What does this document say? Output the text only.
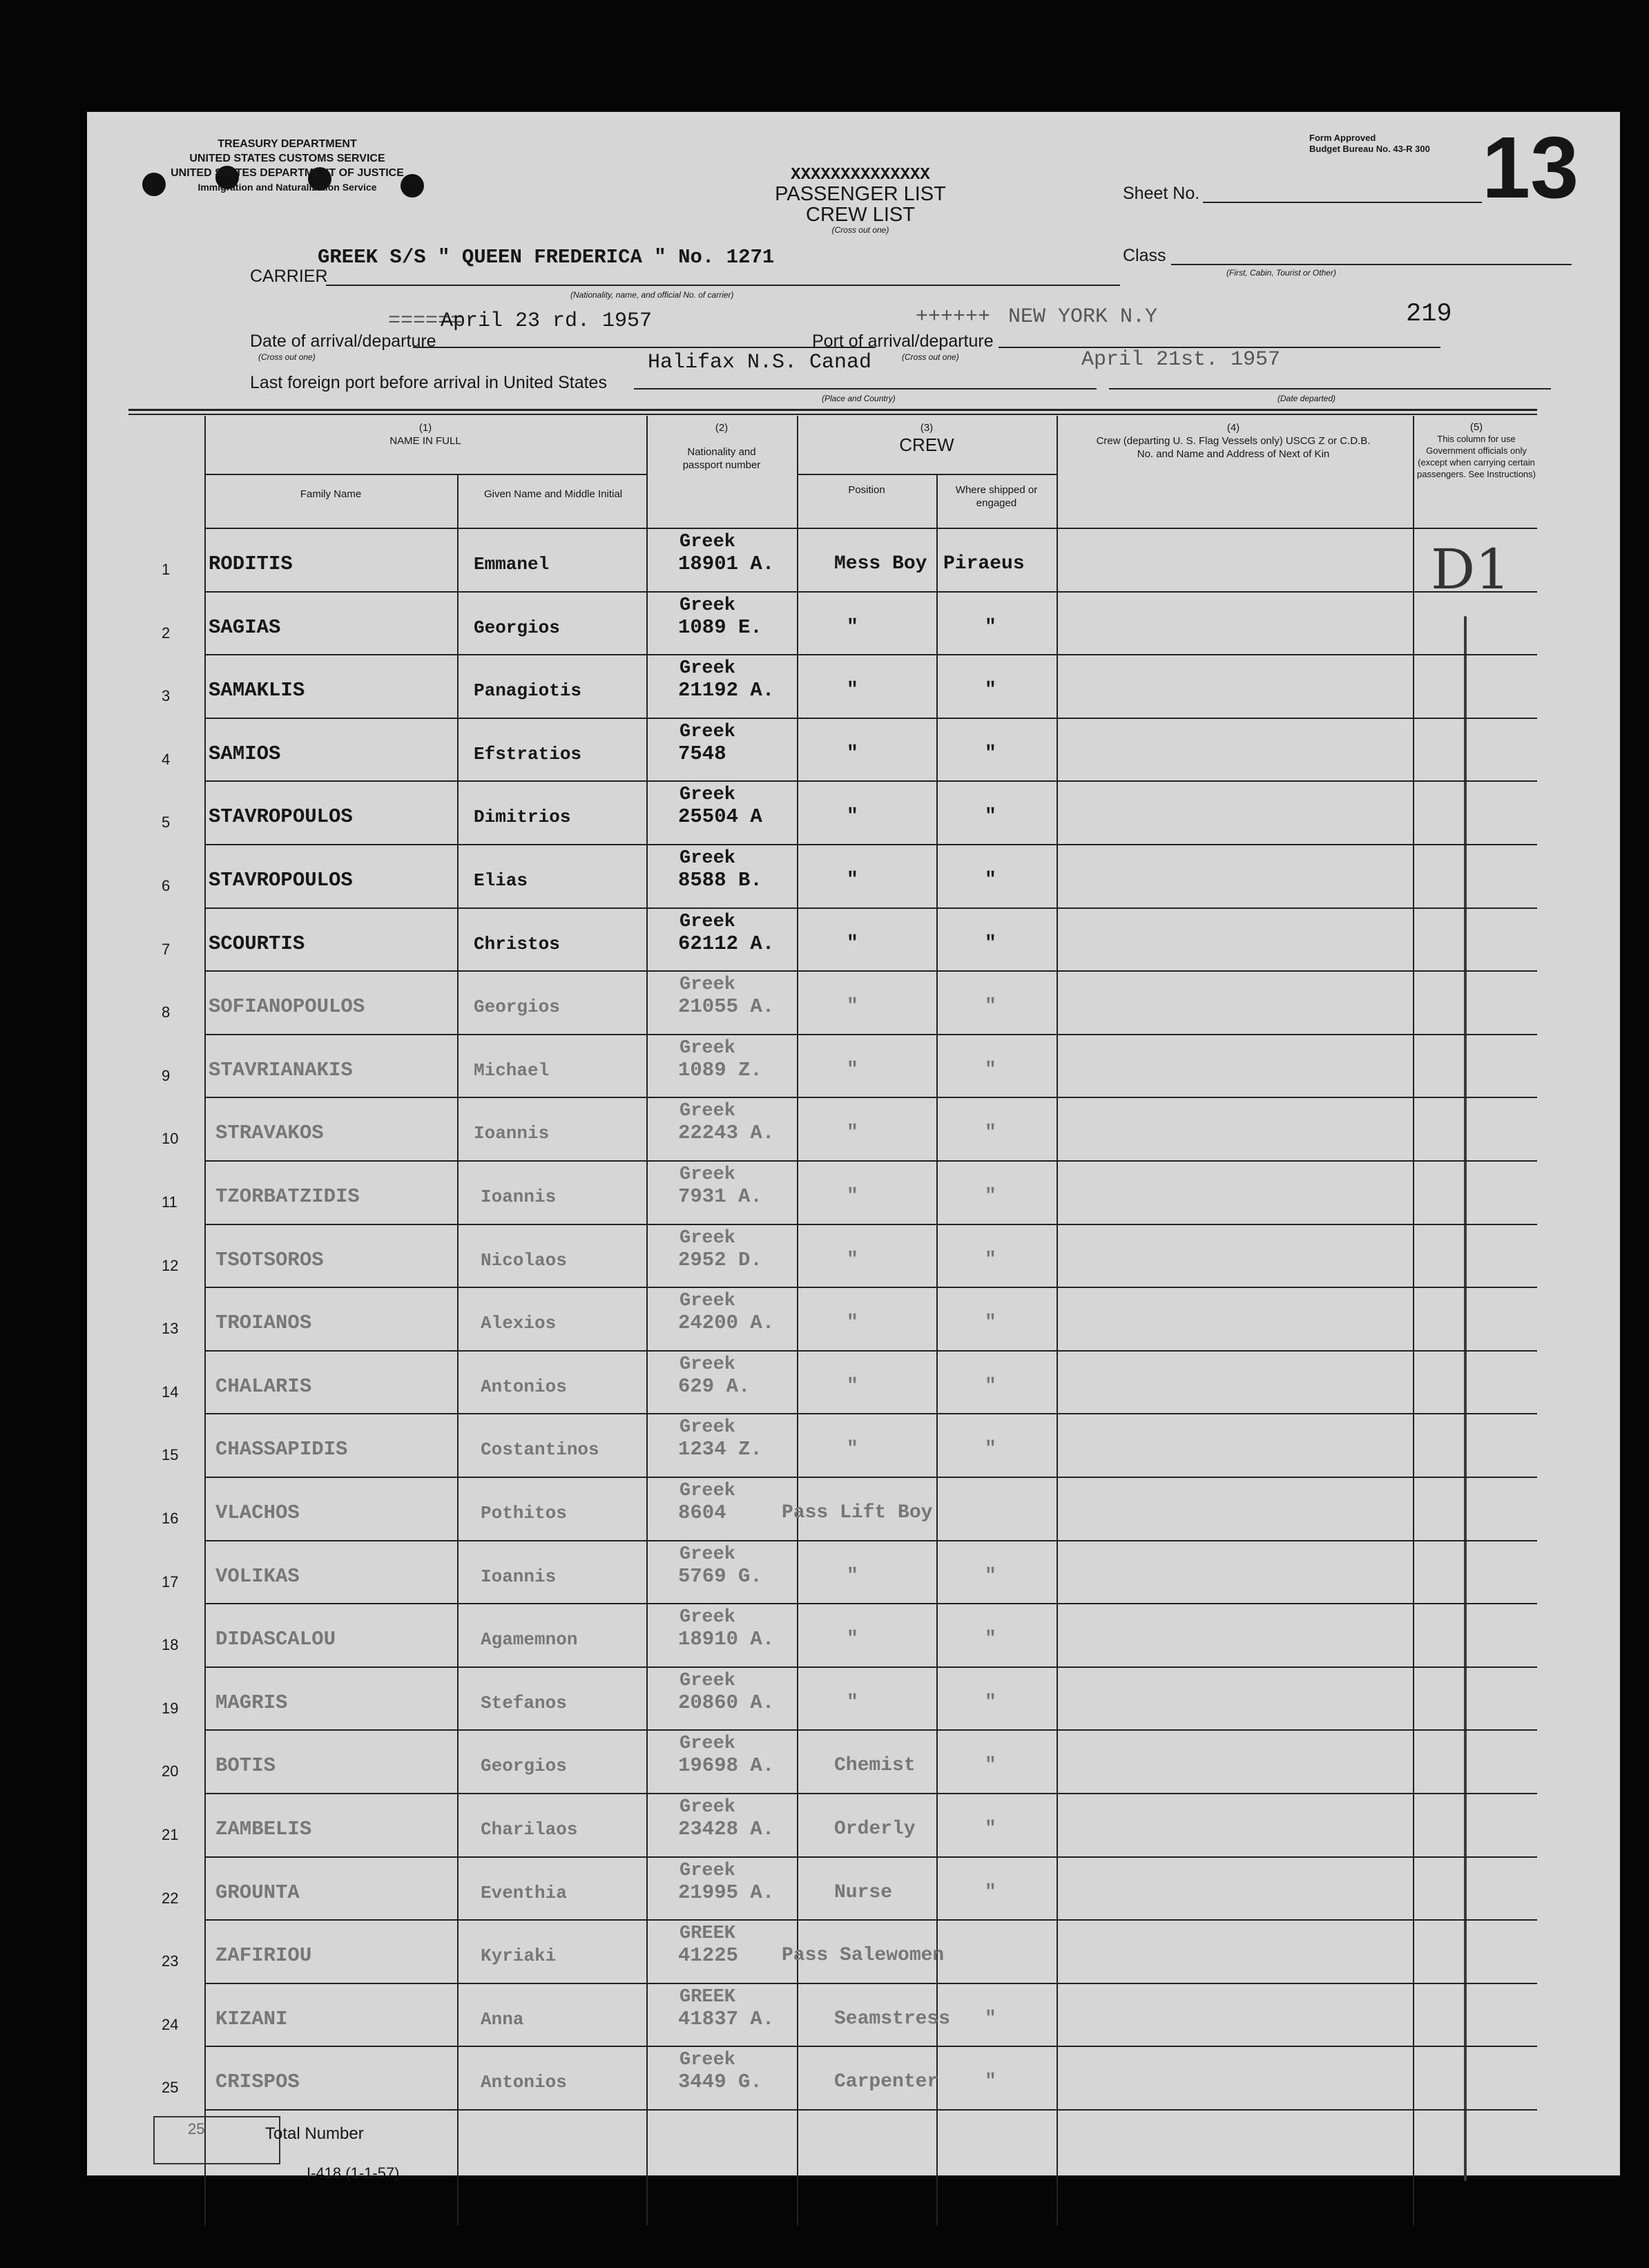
TREASURY DEPARTMENT
UNITED STATES CUSTOMS SERVICE
UNITED STATES DEPARTMENT OF JUSTICE
Immigration and Naturalization Service
XXXXXXXXXXXXXX
PASSENGER LIST
CREW LIST
(Cross out one)
Form Approved
Budget Bureau No. 43-R 300 13
Sheet No.
Class
(First, Cabin, Tourist or Other)
CARRIER
GREEK S/S " QUEEN FREDERICA " No. 1271
(Nationality, name, and official No. of carrier)
219
Date of arrival/departure
======
April 23 rd. 1957
(Cross out one)
Port of arrival/departure
++++++ NEW YORK N.Y
(Cross out one)
Last foreign port before arrival in United States
Halifax N.S. Canad
(Place and Country)
April 21st. 1957
(Date departed)
(1)
NAME IN FULL
Family Name	Given Name and Middle Initial
(2)
Nationality and passport number
(3)
CREW
Position	Where shipped or engaged
(4)
Crew (departing U. S. Flag Vessels only) USCG Z or C.D.B. No. and Name and Address of Next of Kin
(5)
This column for use Government officials only (except when carrying certain passengers. See Instructions)
D1
1 RODITIS	Emmanel
Greek
18901 A.	Mess Boy Piraeus
2 SAGIAS	Georgios
Greek
1089 E.	"	"
3 SAMAKLIS	Panagiotis
Greek
21192 A.	"	"
4 SAMIOS	Efstratios
Greek
7548	"	"
5 STAVROPOULOS	Dimitrios
Greek
25504 A	"	"
6 STAVROPOULOS	Elias
Greek
8588 B.	"	"
7 SCOURTIS	Christos
Greek
62112 A.	"	"
8 SOFIANOPOULOS	Georgios
Greek
21055 A.	"	"
9 STAVRIANAKIS	Michael
Greek
1089 Z.	"	"
10 STRAVAKOS	Ioannis
Greek
22243 A.	"	"
11 TZORBATZIDIS	Ioannis
Greek
7931 A.	"	"
12 TSOTSOROS	Nicolaos
Greek
2952 D.	"	"
13 TROIANOS	Alexios
Greek
24200 A.	"	"
14 CHALARIS	Antonios
Greek
629 A.	"	"
15 CHASSAPIDIS	Costantinos
Greek
1234 Z.	"	"
16 VLACHOS	Pothitos
Greek
8604	Pass Lift Boy
17 VOLIKAS	Ioannis
Greek
5769 G.	"	"
18 DIDASCALOU	Agamemnon
Greek
18910 A.	"	"
19 MAGRIS	Stefanos
Greek
20860 A.	"	"
20 BOTIS	Georgios
Greek
19698 A.	Chemist	"
21 ZAMBELIS	Charilaos
Greek
23428 A.	Orderly	"
22 GROUNTA	Eventhia
Greek
21995 A.	Nurse	"
23 ZAFIRIOU	Kyriaki
GREEK
41225 Pass Salewomen
24 KIZANI	Anna
GREEK
41837 A.	Seamstress "
25 CRISPOS	Antonios
Greek
3449 G.	Carpenter "
25	Total Number
I-418 (1-1-57)
